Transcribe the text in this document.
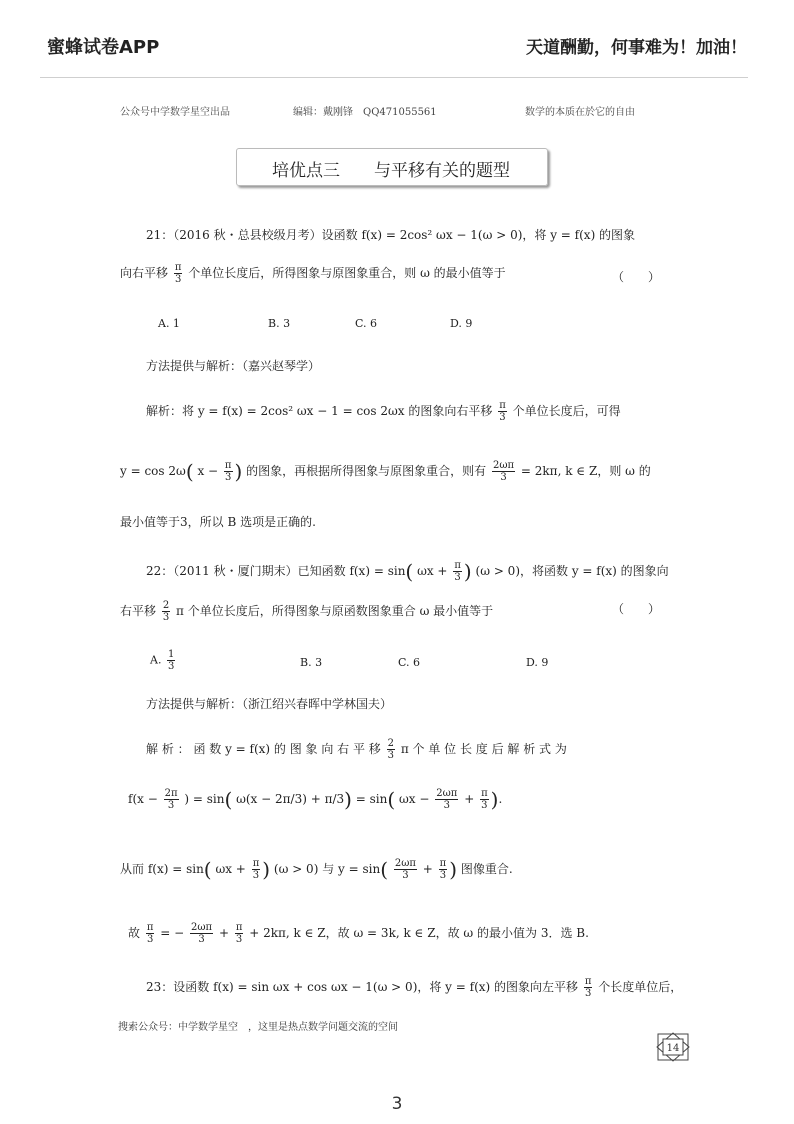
蜜蜂试卷APP	天道酬勤，何事难为！加油！
公众号中学数学星空出品	编辑：戴刚锋　QQ471055561	数学的本质在於它的自由
培优点三　　与平移有关的题型
21：（2016 秋・总县校级月考）设函数 f(x) = 2cos² ωx − 1(ω > 0)，将 y = f(x) 的图象
向右平移 $\frac{\pi}{3}$ 个单位长度后，所得图象与原图象重合，则 ω 的最小值等于	（　　）
A. 1	B. 3	C. 6	D. 9
方法提供与解析：（嘉兴赵琴学）
解析：将 y = f(x) = 2cos² ωx − 1 = cos 2ωx 的图象向右平移 $\frac{\pi}{3}$ 个单位长度后，可得
y = cos 2ω( $x - \frac{\pi}{3}$ ) 的图象，再根据所得图象与原图象重合，则有 $\frac{2\omega\pi}{3} = 2k\pi$, k ∈ Z，则 ω 的
最小值等于3，所以 B 选项是正确的.
22：（2011 秋・厦门期末）已知函数 f(x) = sin( $\omega x + \frac{\pi}{3}$ ) (ω > 0)，将函数 y = f(x) 的图象向
右平移 $\frac{2}{3}$ π 个单位长度后，所得图象与原函数图象重合 ω 最小值等于	（　　）
A. $\frac{1}{3}$	B. 3	C. 6	D. 9
方法提供与解析：（浙江绍兴春晖中学林国夫）
解 析 ： 函 数 y = f(x) 的 图 象 向 右 平 移 $\frac{2}{3}$ π 个 单 位 长 度 后 解 析 式 为
$f(x - \frac{2\pi}{3}$ ) = sin( ω(x − 2π/3) + π/3) = sin( $\omega x - \frac{2\omega\pi}{3} + \frac{\pi}{3}$ ).
从而 f(x) = sin( $\omega x + \frac{\pi}{3}$ ) (ω > 0) 与 $y = \sin( \frac{2\omega\pi}{3} + \frac{\pi}{3}$ ) 图像重合.
故 $\frac{\pi}{3}$ = − $\frac{2\omega\pi}{3} + \frac{\pi}{3} + 2k\pi$, k ∈ Z，故 ω = 3k, k ∈ Z，故 ω 的最小值为 3．选 B.
23：设函数 f(x) = sin ωx + cos ωx − 1(ω > 0)，将 y = f(x) 的图象向左平移 $\frac{\pi}{3}$ 个长度单位后，
搜索公众号：中学数学星空　，这里是热点数学问题交流的空间
14
3
